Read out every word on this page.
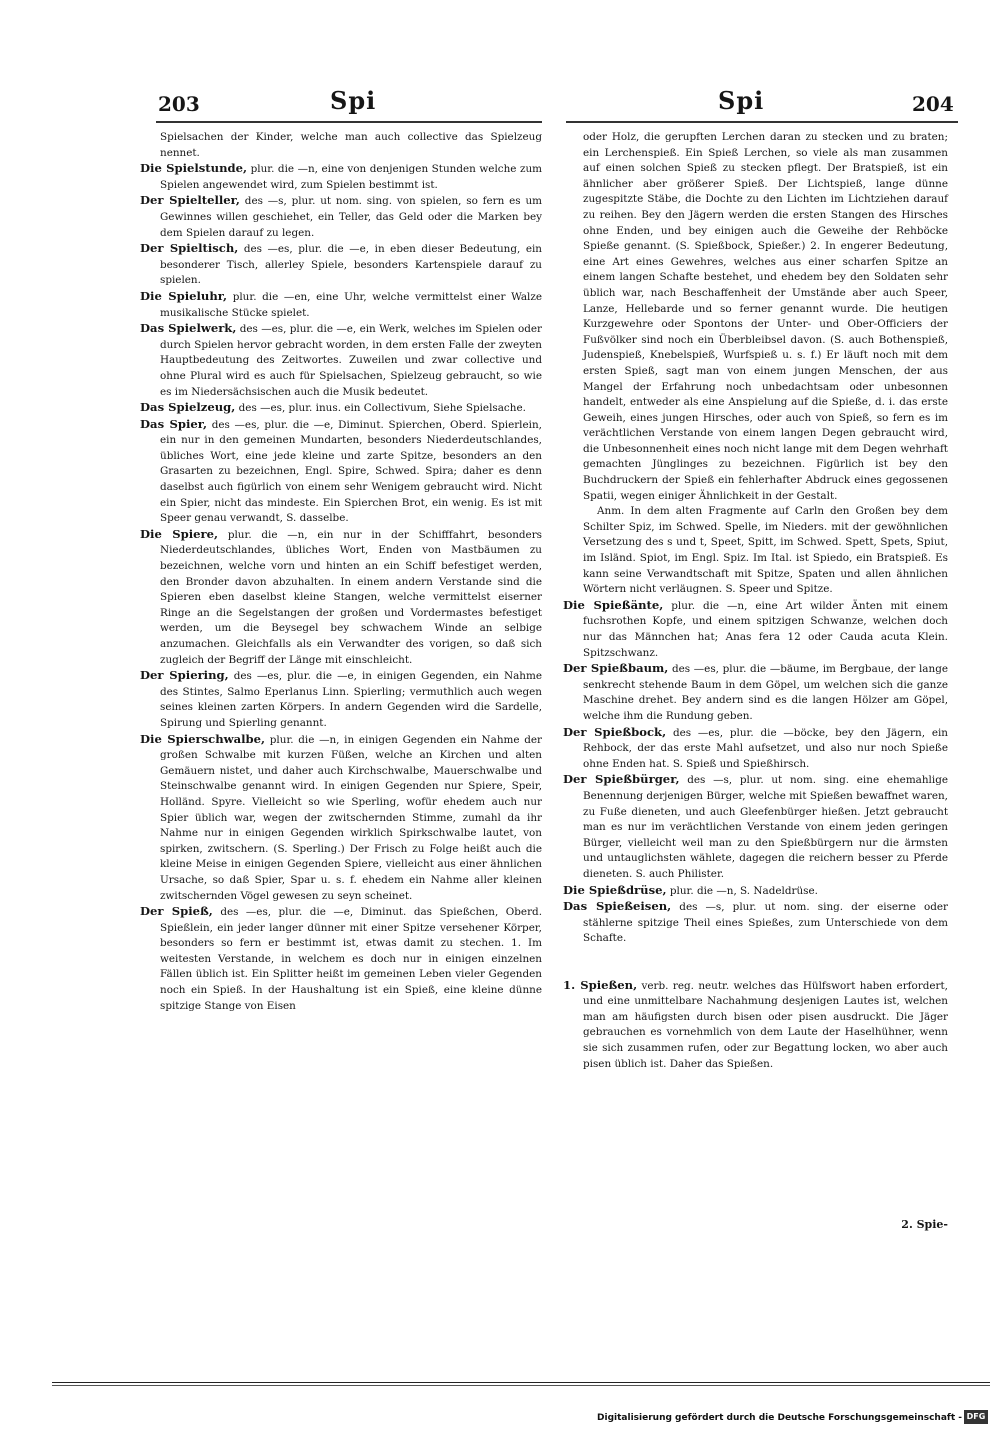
203	Spi	Spi	204

Spielsachen der Kinder, welche man auch collective das Spielzeug nennet.

Die Spielstunde, plur. die —n, eine von denjenigen Stunden welche zum Spielen angewendet wird, zum Spielen bestimmt ist.

Der Spielteller, des —s, plur. ut nom. sing. von spielen, so fern es um Gewinnes willen geschiehet, ein Teller, das Geld oder die Marken bey dem Spielen darauf zu legen.

Der Spieltisch, des —es, plur. die —e, in eben dieser Bedeutung, ein besonderer Tisch, allerley Spiele, besonders Kartenspiele darauf zu spielen.

Die Spieluhr, plur. die —en, eine Uhr, welche vermittelst einer Walze musikalische Stücke spielet.

Das Spielwerk, des —es, plur. die —e, ein Werk, welches im Spielen oder durch Spielen hervor gebracht worden, in dem ersten Falle der zweyten Hauptbedeutung des Zeitwortes. Zuweilen und zwar collective und ohne Plural wird es auch für Spielsachen, Spielzeug gebraucht, so wie es im Niedersächsischen auch die Musik bedeutet.

Das Spielzeug, des —es, plur. inus. ein Collectivum, Siehe Spielsache.

Das Spier, des —es, plur. die —e, Diminut. Spierchen, Oberd. Spierlein, ein nur in den gemeinen Mundarten, besonders Niederdeutschlandes, übliches Wort, eine jede kleine und zarte Spitze, besonders an den Grasarten zu bezeichnen, Engl. Spire, Schwed. Spira; daher es denn daselbst auch figürlich von einem sehr Wenigem gebraucht wird. Nicht ein Spier, nicht das mindeste. Ein Spierchen Brot, ein wenig. Es ist mit Speer genau verwandt, S. dasselbe.

Die Spiere, plur. die —n, ein nur in der Schifffahrt, besonders Niederdeutschlandes, übliches Wort, Enden von Mastbäumen zu bezeichnen, welche vorn und hinten an ein Schiff befestiget werden, den Bronder davon abzuhalten. In einem andern Verstande sind die Spieren eben daselbst kleine Stangen, welche vermittelst eiserner Ringe an die Segelstangen der großen und Vordermastes befestiget werden, um die Beysegel bey schwachem Winde an selbige anzumachen. Gleichfalls als ein Verwandter des vorigen, so daß sich zugleich der Begriff der Länge mit einschleicht.

Der Spiering, des —es, plur. die —e, in einigen Gegenden, ein Nahme des Stintes, Salmo Eperlanus Linn. Spierling; vermuthlich auch wegen seines kleinen zarten Körpers. In andern Gegenden wird die Sardelle, Spirung und Spierling genannt.

Die Spierschwalbe, plur. die —n, in einigen Gegenden ein Nahme der großen Schwalbe mit kurzen Füßen, welche an Kirchen und alten Gemäuern nistet, und daher auch Kirchschwalbe, Mauerschwalbe und Steinschwalbe genannt wird. In einigen Gegenden nur Spiere, Speir, Holländ. Spyre. Vielleicht so wie Sperling, wofür ehedem auch nur Spier üblich war, wegen der zwitschernden Stimme, zumahl da ihr Nahme nur in einigen Gegenden wirklich Spirkschwalbe lautet, von spirken, zwitschern. (S. Sperling.) Der Frisch zu Folge heißt auch die kleine Meise in einigen Gegenden Spiere, vielleicht aus einer ähnlichen Ursache, so daß Spier, Spar u. s. f. ehedem ein Nahme aller kleinen zwitschernden Vögel gewesen zu seyn scheinet.

Der Spieß, des —es, plur. die —e, Diminut. das Spießchen, Oberd. Spießlein, ein jeder langer dünner mit einer Spitze versehener Körper, besonders so fern er bestimmt ist, etwas damit zu stechen. 1. Im weitesten Verstande, in welchem es doch nur in einigen einzelnen Fällen üblich ist. Ein Splitter heißt im gemeinen Leben vieler Gegenden noch ein Spieß. In der Haushaltung ist ein Spieß, eine kleine dünne spitzige Stange von Eisen

oder Holz, die gerupften Lerchen daran zu stecken und zu braten; ein Lerchenspieß. Ein Spieß Lerchen, so viele als man zusammen auf einen solchen Spieß zu stecken pflegt. Der Bratspieß, ist ein ähnlicher aber größerer Spieß. Der Lichtspieß, lange dünne zugespitzte Stäbe, die Dochte zu den Lichten im Lichtziehen darauf zu reihen. Bey den Jägern werden die ersten Stangen des Hirsches ohne Enden, und bey einigen auch die Geweihe der Rehböcke Spieße genannt. (S. Spießbock, Spießer.) 2. In engerer Bedeutung, eine Art eines Gewehres, welches aus einer scharfen Spitze an einem langen Schafte bestehet, und ehedem bey den Soldaten sehr üblich war, nach Beschaffenheit der Umstände aber auch Speer, Lanze, Hellebarde und so ferner genannt wurde. Die heutigen Kurzgewehre oder Spontons der Unter- und Ober-Officiers der Fußvölker sind noch ein Überbleibsel davon. (S. auch Bothenspieß, Judenspieß, Knebelspieß, Wurfspieß u. s. f.) Er läuft noch mit dem ersten Spieß, sagt man von einem jungen Menschen, der aus Mangel der Erfahrung noch unbedachtsam oder unbesonnen handelt, entweder als eine Anspielung auf die Spieße, d. i. das erste Geweih, eines jungen Hirsches, oder auch von Spieß, so fern es im verächtlichen Verstande von einem langen Degen gebraucht wird, die Unbesonnenheit eines noch nicht lange mit dem Degen wehrhaft gemachten Jünglinges zu bezeichnen. Figürlich ist bey den Buchdruckern der Spieß ein fehlerhafter Abdruck eines gegossenen Spatii, wegen einiger Ähnlichkeit in der Gestalt.

Anm. In dem alten Fragmente auf Carln den Großen bey dem Schilter Spiz, im Schwed. Spelle, im Nieders. mit der gewöhnlichen Versetzung des s und t, Speet, Spitt, im Schwed. Spett, Spets, Spiut, im Isländ. Spiot, im Engl. Spiz. Im Ital. ist Spiedo, ein Bratspieß. Es kann seine Verwandtschaft mit Spitze, Spaten und allen ähnlichen Wörtern nicht verläugnen. S. Speer und Spitze.

Die Spießänte, plur. die —n, eine Art wilder Änten mit einem fuchsrothen Kopfe, und einem spitzigen Schwanze, welchen doch nur das Männchen hat; Anas fera 12 oder Cauda acuta Klein. Spitzschwanz.

Der Spießbaum, des —es, plur. die —bäume, im Bergbaue, der lange senkrecht stehende Baum in dem Göpel, um welchen sich die ganze Maschine drehet. Bey andern sind es die langen Hölzer am Göpel, welche ihm die Rundung geben.

Der Spießbock, des —es, plur. die —böcke, bey den Jägern, ein Rehbock, der das erste Mahl aufsetzet, und also nur noch Spieße ohne Enden hat. S. Spieß und Spießhirsch.

Der Spießbürger, des —s, plur. ut nom. sing. eine ehemahlige Benennung derjenigen Bürger, welche mit Spießen bewaffnet waren, zu Fuße dieneten, und auch Gleefenbürger hießen. Jetzt gebraucht man es nur im verächtlichen Verstande von einem jeden geringen Bürger, vielleicht weil man zu den Spießbürgern nur die ärmsten und untauglichsten wählete, dagegen die reichern besser zu Pferde dieneten. S. auch Philister.

Die Spießdrüse, plur. die —n, S. Nadeldrüse.

Das Spießeisen, des —s, plur. ut nom. sing. der eiserne oder stählerne spitzige Theil eines Spießes, zum Unterschiede von dem Schafte.

1. Spießen, verb. reg. neutr. welches das Hülfswort haben erfordert, und eine unmittelbare Nachahmung desjenigen Lautes ist, welchen man am häufigsten durch bisen oder pisen ausdruckt. Die Jäger gebrauchen es vornehmlich von dem Laute der Haselhühner, wenn sie sich zusammen rufen, oder zur Begattung locken, wo aber auch pisen üblich ist. Daher das Spießen.

2. Spie-
Digitalisierung gefördert durch die Deutsche Forschungsgemeinschaft - DFG
